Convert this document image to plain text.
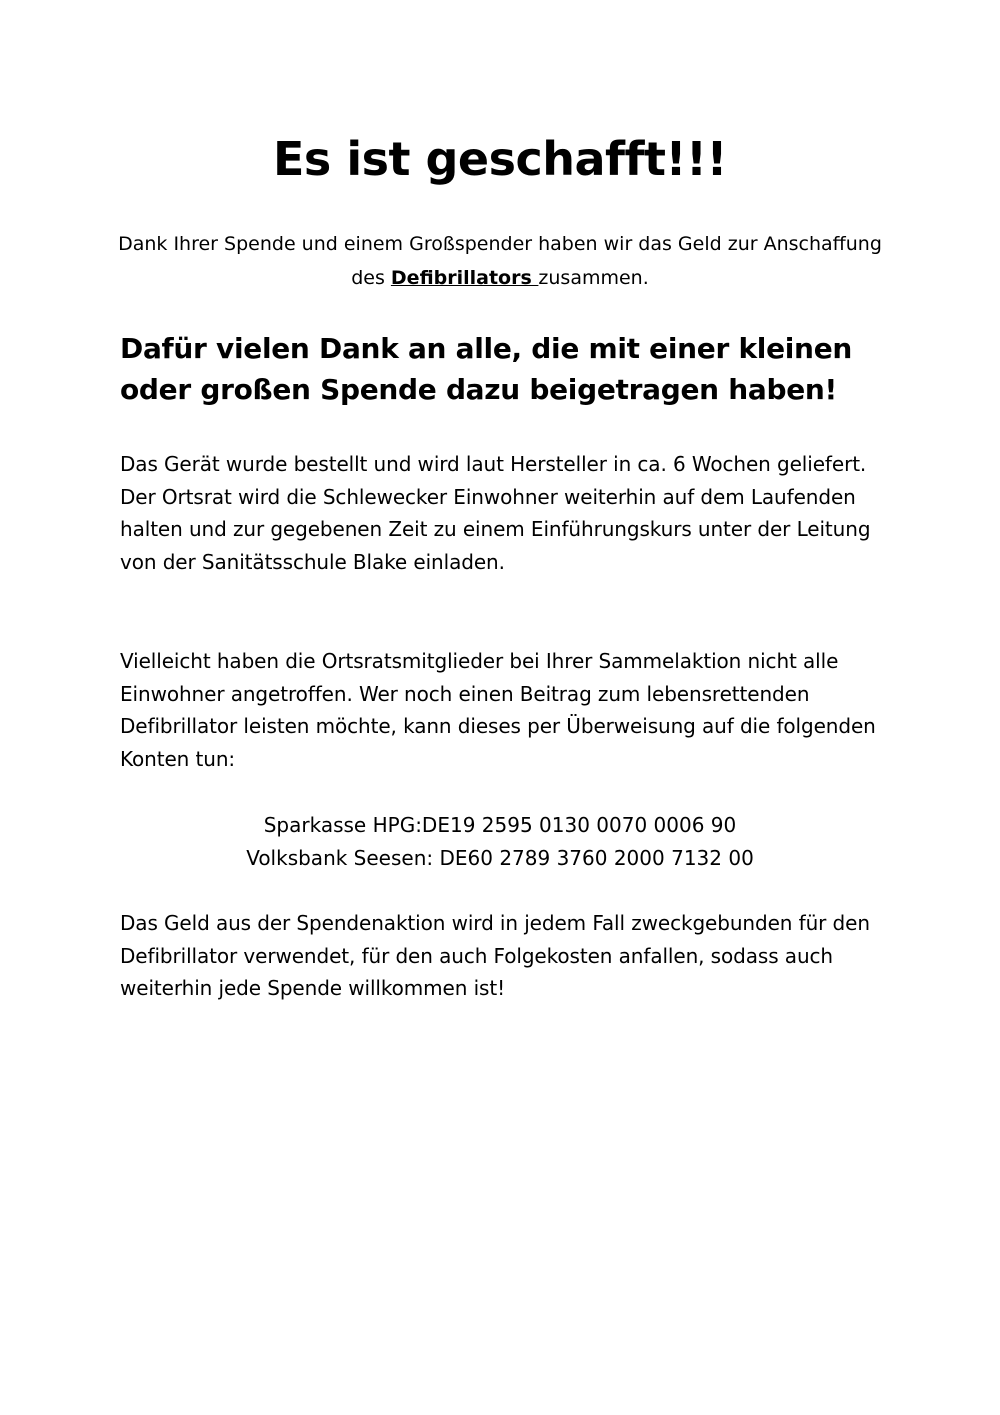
Es ist geschafft!!!

Dank Ihrer Spende und einem Großspender haben wir das Geld zur Anschaffung des Defibrillators zusammen.

Dafür vielen Dank an alle, die mit einer kleinen oder großen Spende dazu beigetragen haben!

Das Gerät wurde bestellt und wird laut Hersteller in ca. 6 Wochen geliefert. Der Ortsrat wird die Schlewecker Einwohner weiterhin auf dem Laufenden halten und zur gegebenen Zeit zu einem Einführungskurs unter der Leitung von der Sanitätsschule Blake einladen.

Vielleicht haben die Ortsratsmitglieder bei Ihrer Sammelaktion nicht alle Einwohner angetroffen. Wer noch einen Beitrag zum lebensrettenden Defibrillator leisten möchte, kann dieses per Überweisung auf die folgenden Konten tun:

Sparkasse HPG:DE19 2595 0130 0070 0006 90
Volksbank Seesen: DE60 2789 3760 2000 7132 00

Das Geld aus der Spendenaktion wird in jedem Fall zweckgebunden für den Defibrillator verwendet, für den auch Folgekosten anfallen, sodass auch weiterhin jede Spende willkommen ist!
